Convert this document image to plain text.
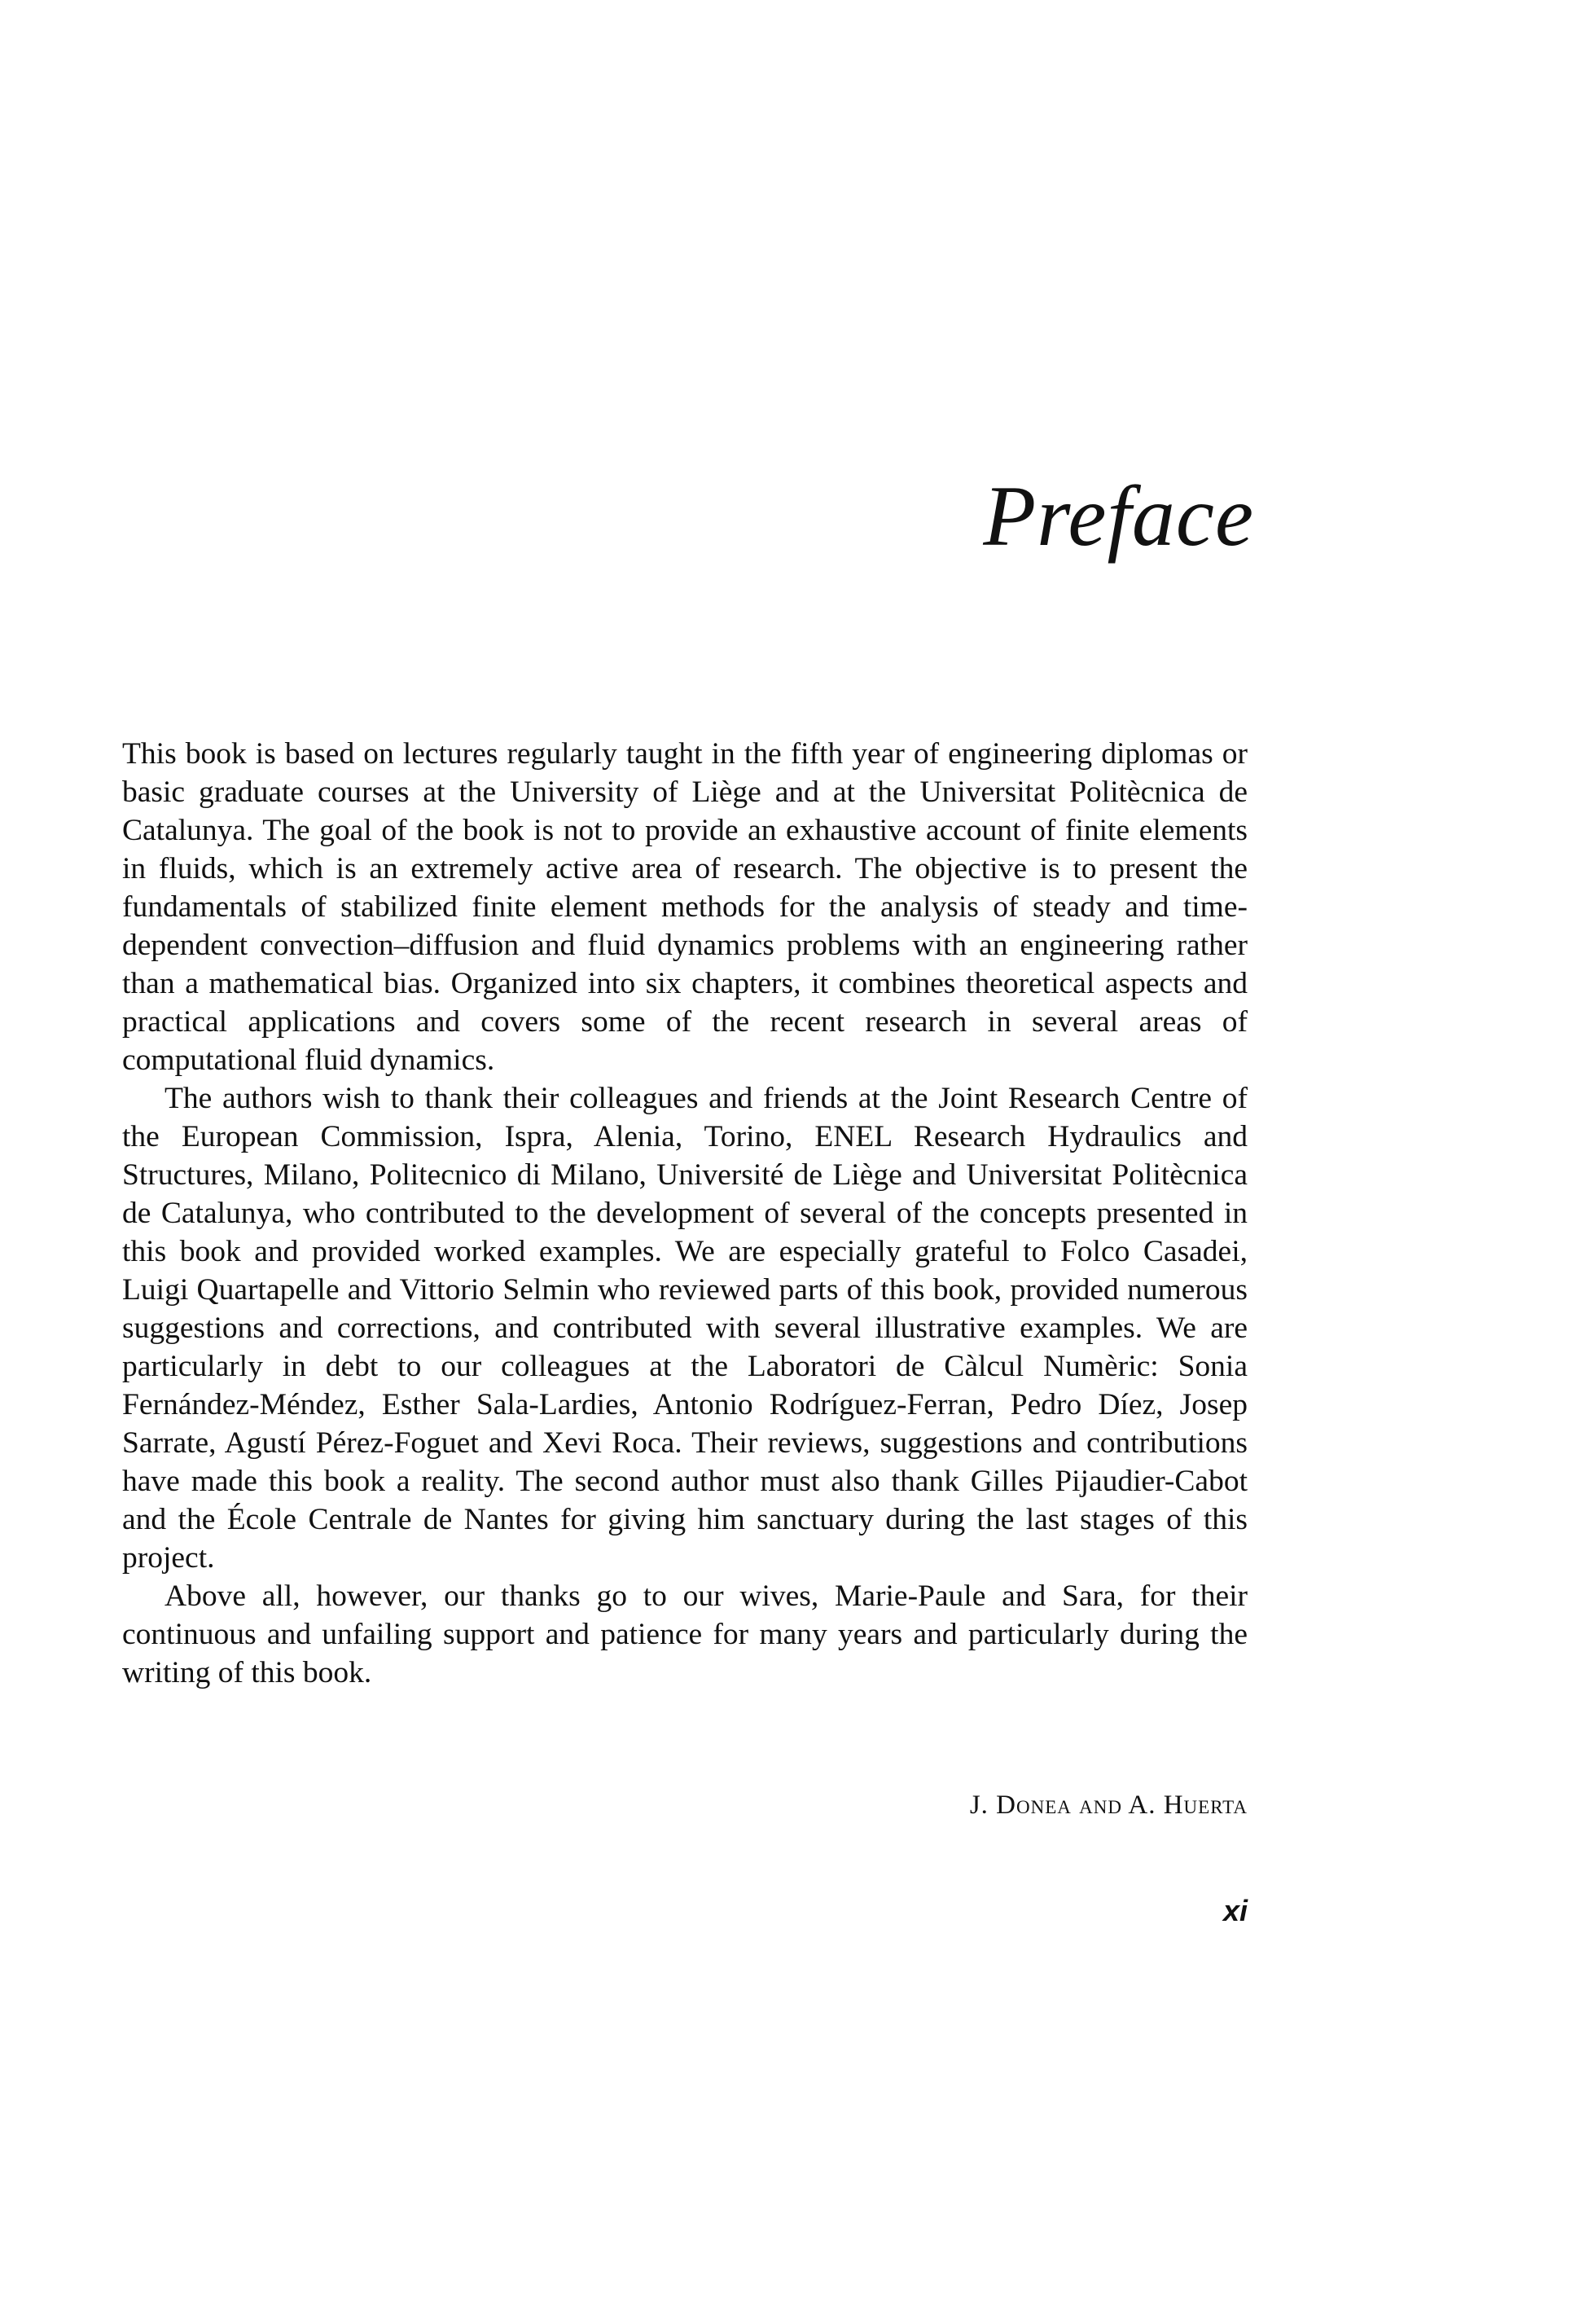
Preface

This book is based on lectures regularly taught in the fifth year of engineering diplomas or basic graduate courses at the University of Liège and at the Universitat Politècnica de Catalunya. The goal of the book is not to provide an exhaustive account of finite elements in fluids, which is an extremely active area of research. The objective is to present the fundamentals of stabilized finite element methods for the analysis of steady and time-dependent convection–diffusion and fluid dynamics problems with an engineering rather than a mathematical bias. Organized into six chapters, it combines theoretical aspects and practical applications and covers some of the recent research in several areas of computational fluid dynamics.

The authors wish to thank their colleagues and friends at the Joint Research Centre of the European Commission, Ispra, Alenia, Torino, ENEL Research Hydraulics and Structures, Milano, Politecnico di Milano, Université de Liège and Universitat Politècnica de Catalunya, who contributed to the development of several of the concepts presented in this book and provided worked examples. We are especially grateful to Folco Casadei, Luigi Quartapelle and Vittorio Selmin who reviewed parts of this book, provided numerous suggestions and corrections, and contributed with several illustrative examples. We are particularly in debt to our colleagues at the Laboratori de Càlcul Numèric: Sonia Fernández-Méndez, Esther Sala-Lardies, Antonio Rodríguez-Ferran, Pedro Díez, Josep Sarrate, Agustí Pérez-Foguet and Xevi Roca. Their reviews, suggestions and contributions have made this book a reality. The second author must also thank Gilles Pijaudier-Cabot and the École Centrale de Nantes for giving him sanctuary during the last stages of this project.

Above all, however, our thanks go to our wives, Marie-Paule and Sara, for their continuous and unfailing support and patience for many years and particularly during the writing of this book.

J. Donea and A. Huerta
xi
